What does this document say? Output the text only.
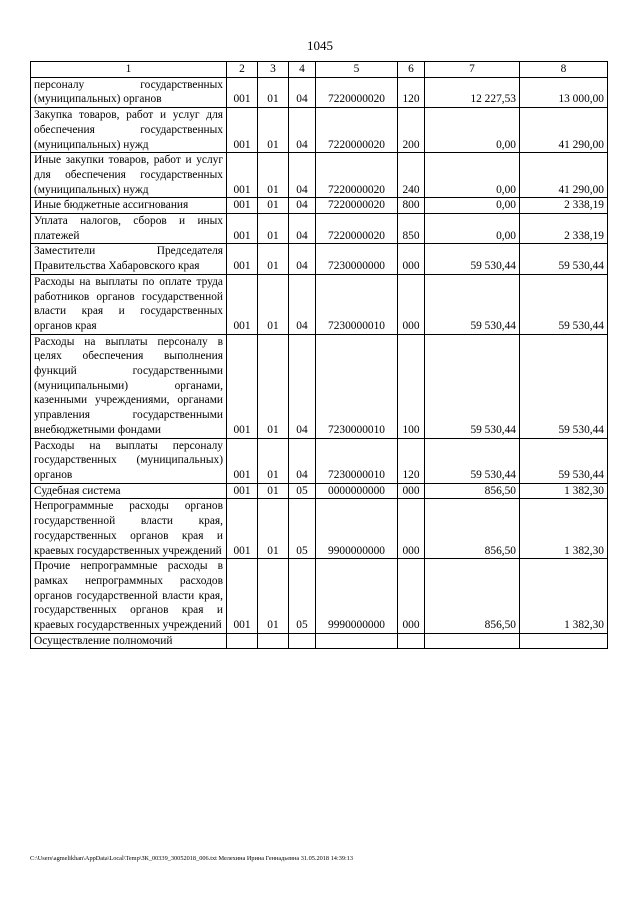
1045
1	2	3	4	5	6	7	8
персоналу государственных (муниципальных) органов	001	01	04	7220000020	120	12 227,53	13 000,00
Закупка товаров, работ и услуг для обеспечения государственных (муниципальных) нужд	001	01	04	7220000020	200	0,00	41 290,00
Иные закупки товаров, работ и услуг для обеспечения государственных (муниципальных) нужд	001	01	04	7220000020	240	0,00	41 290,00
Иные бюджетные ассигнования	001	01	04	7220000020	800	0,00	2 338,19
Уплата налогов, сборов и иных платежей	001	01	04	7220000020	850	0,00	2 338,19
Заместители Председателя Правительства Хабаровского края	001	01	04	7230000000	000	59 530,44	59 530,44
Расходы на выплаты по оплате труда работников органов государственной власти края и государственных органов края	001	01	04	7230000010	000	59 530,44	59 530,44
Расходы на выплаты персоналу в целях обеспечения выполнения функций государственными (муниципальными) органами, казенными учреждениями, органами управления государственными внебюджетными фондами	001	01	04	7230000010	100	59 530,44	59 530,44
Расходы на выплаты персоналу государственных (муниципальных) органов	001	01	04	7230000010	120	59 530,44	59 530,44
Судебная система	001	01	05	0000000000	000	856,50	1 382,30
Непрограммные расходы органов государственной власти края, государственных органов края и краевых государственных учреждений	001	01	05	9900000000	000	856,50	1 382,30
Прочие непрограммные расходы в рамках непрограммных расходов органов государственной власти края, государственных органов края и краевых государственных учреждений	001	01	05	9990000000	000	856,50	1 382,30
Осуществление полномочий							
C:\Users\agmelikhan\AppData\Local\Temp\ЗК_00339_30052018_006.txt Мелехина Ирина Геннадьевна 31.05.2018 14:39:13
